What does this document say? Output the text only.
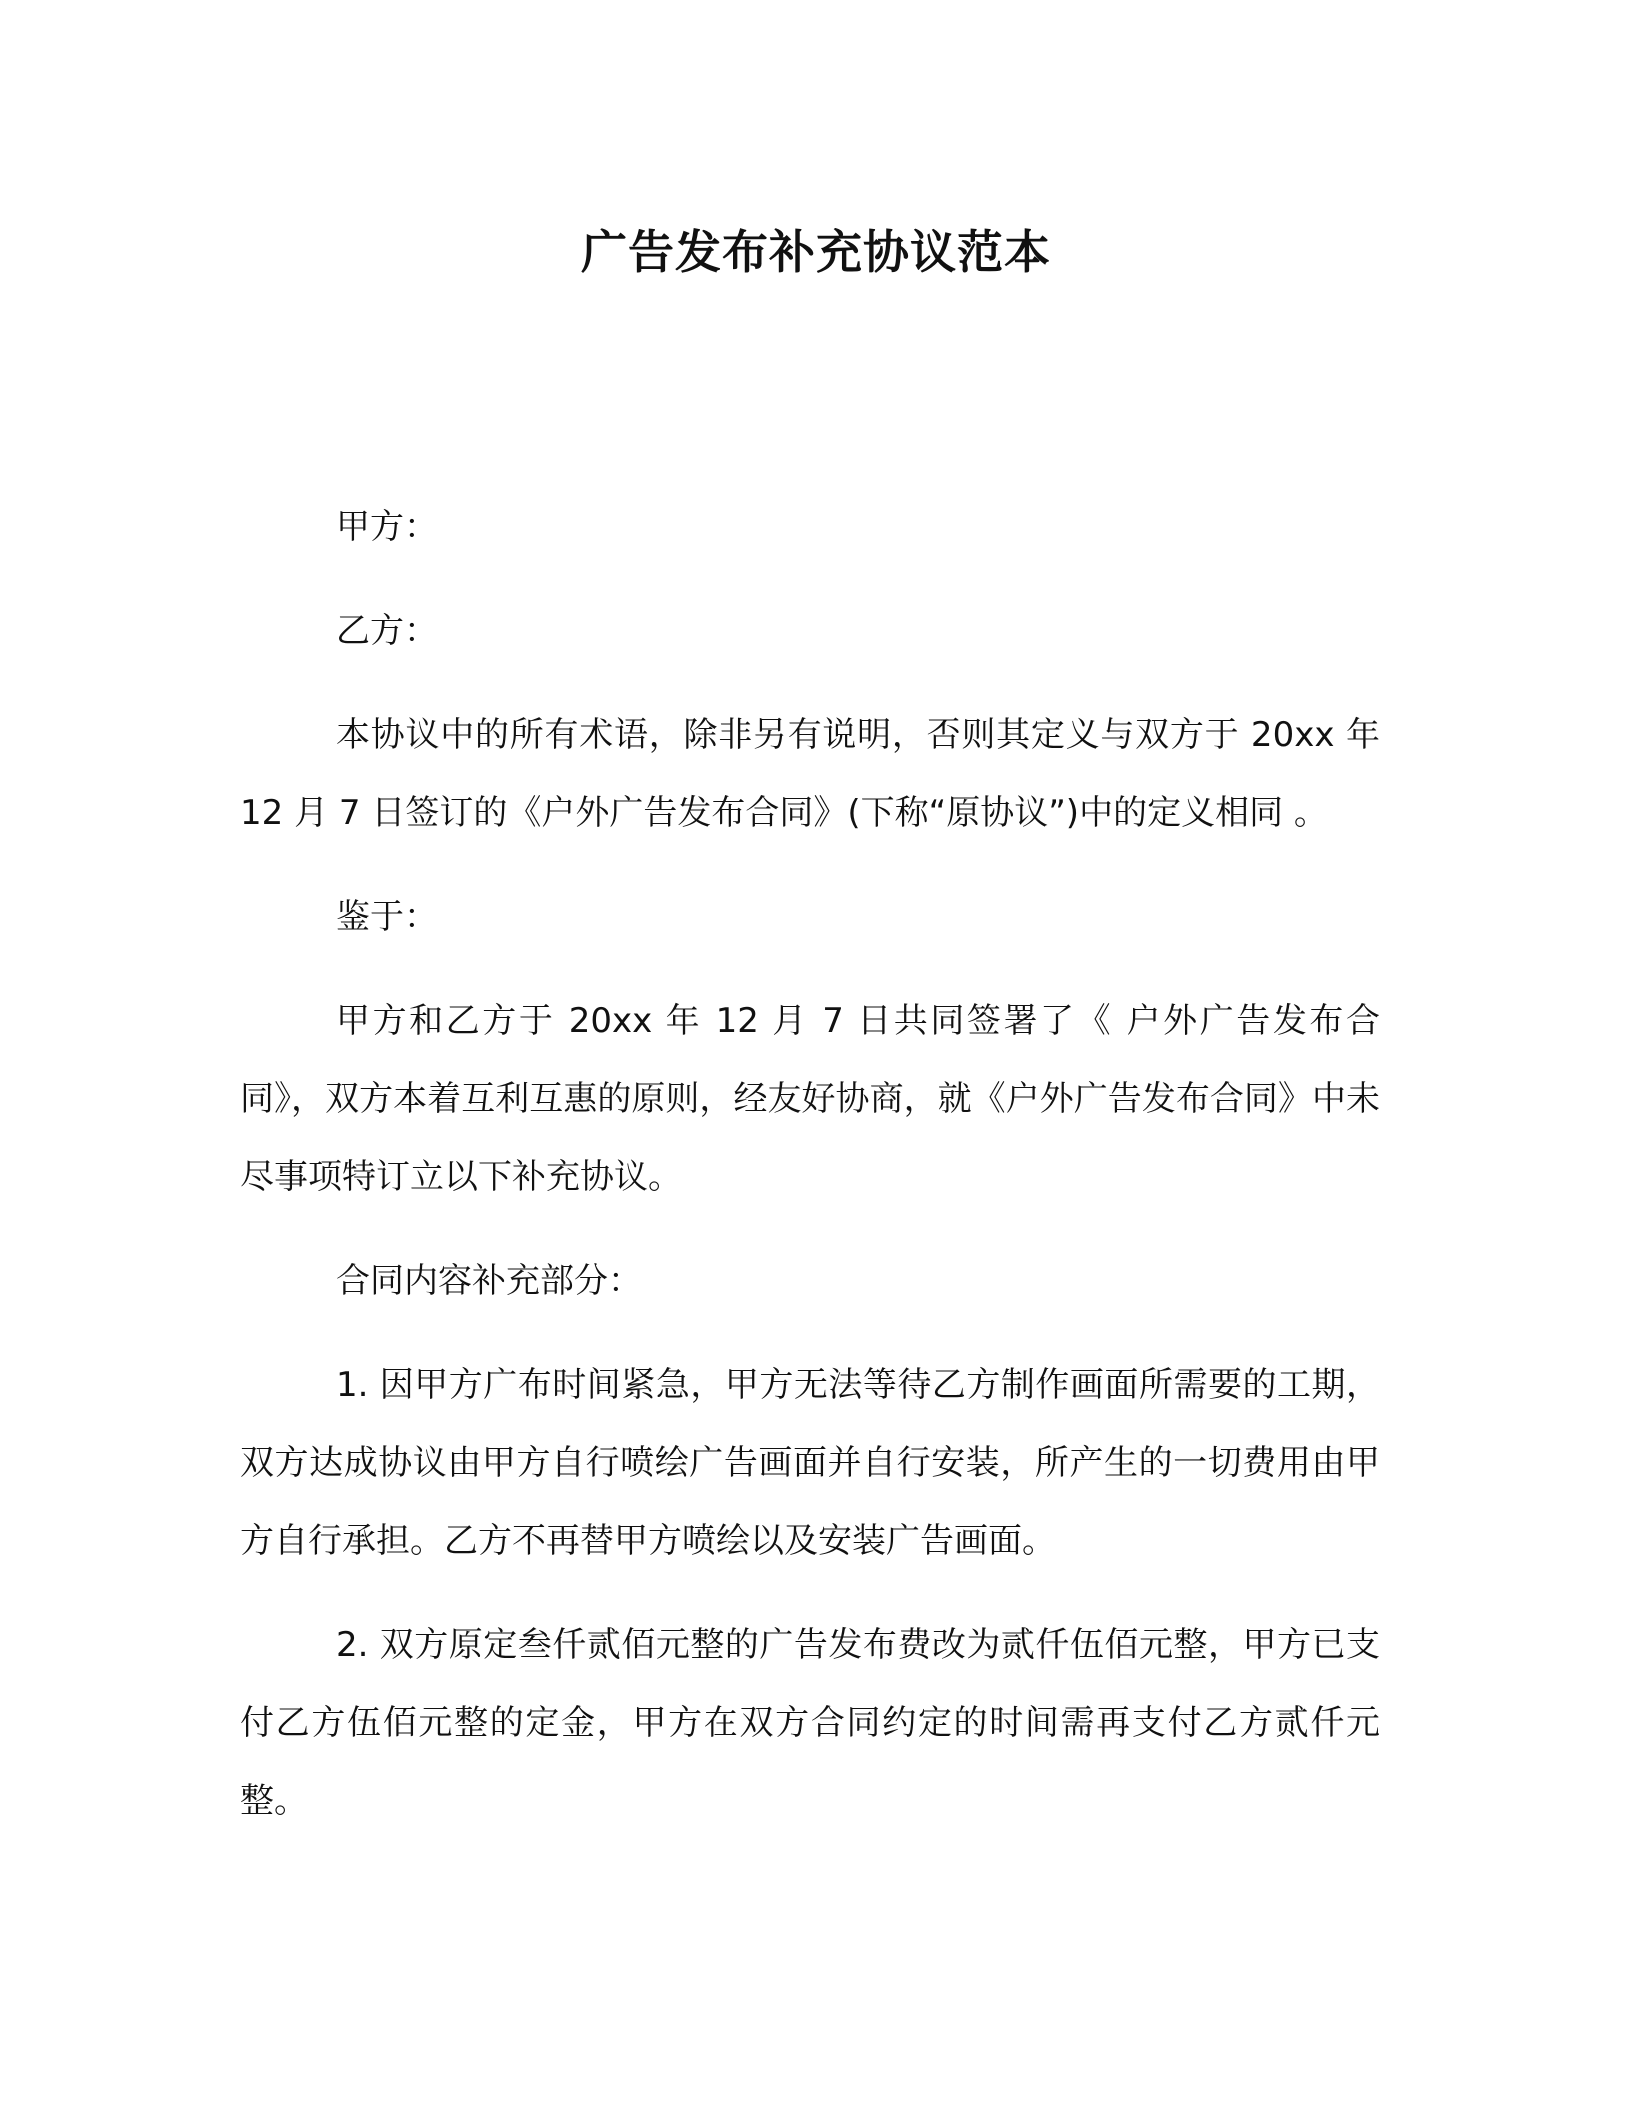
广告发布补充协议范本

甲方：

乙方：

本协议中的所有术语，除非另有说明，否则其定义与双方于 20xx 年 12 月 7 日签订的《户外广告发布合同》(下称“原协议”)中的定义相同 。

鉴于：

甲方和乙方于 20xx 年 12 月 7 日共同签署了《 户外广告发布合同》，双方本着互利互惠的原则，经友好协商，就《户外广告发布合同》中未尽事项特订立以下补充协议。

合同内容补充部分：

1. 因甲方广布时间紧急，甲方无法等待乙方制作画面所需要的工期，双方达成协议由甲方自行喷绘广告画面并自行安装，所产生的一切费用由甲方自行承担。乙方不再替甲方喷绘以及安装广告画面。

2. 双方原定叁仟贰佰元整的广告发布费改为贰仟伍佰元整，甲方已支付乙方伍佰元整的定金，甲方在双方合同约定的时间需再支付乙方贰仟元整。
